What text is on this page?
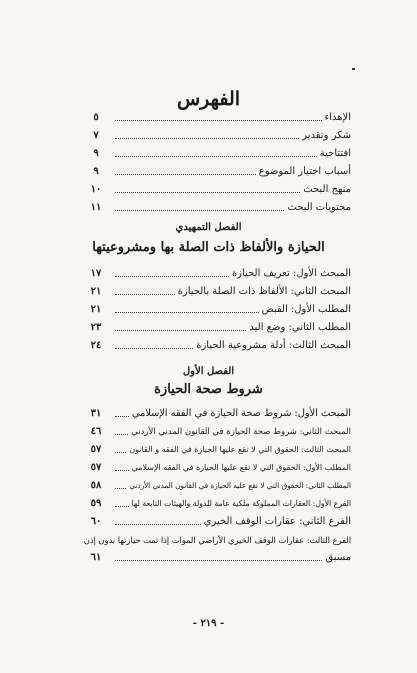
الفهرس
الإهداء
٥
شكر وتقدير
٧
افتتاحية
٩
أسباب اختيار الموضوع
٩
منهج البحث
١٠
محتويات البحث
١١
الفصل التمهيدي
الحيازة والألفاظ ذات الصلة بها ومشروعيتها
المبحث الأول: تعريف الحيازة
١٧
المبحث الثاني: الألفاظ ذات الصلة بالحيازة
٢١
المطلب الأول: القبض
٢١
المطلب الثاني: وضع اليد
٢٣
المبحث الثالث: أدلة مشروعية الحيازة
٢٤
الفصل الأول
شروط صحة الحيازة
المبحث الأول: شروط صحة الحيازة في الفقه الإسلامي
٣١
المبحث الثاني: شروط صحة الحيازة في القانون المدني الأردني
٤٦
المبحث الثالث: الحقوق التي لا تقع عليها الحيازة في الفقه و القانون
٥٧
المطلب الأول: الحقوق التي لا تقع عليها الحيازة في الفقه الإسلامي
٥٧
المطلب الثاني: الحقوق التي لا تقع عليه الحيازة في القانون المدني الأردني
٥٨
الفرع الأول: العقارات المملوكة ملكية عامة للدولة والهيئات التابعة لها
٥٩
الفرع الثاني: عقارات الوقف الخيري
٦٠
الفرع الثالث: عقارات الوقف الخيري الأراضي الموات إذا تمت حيازتها بدون إذن
مسبق
٦١
- ٢١٩ -
